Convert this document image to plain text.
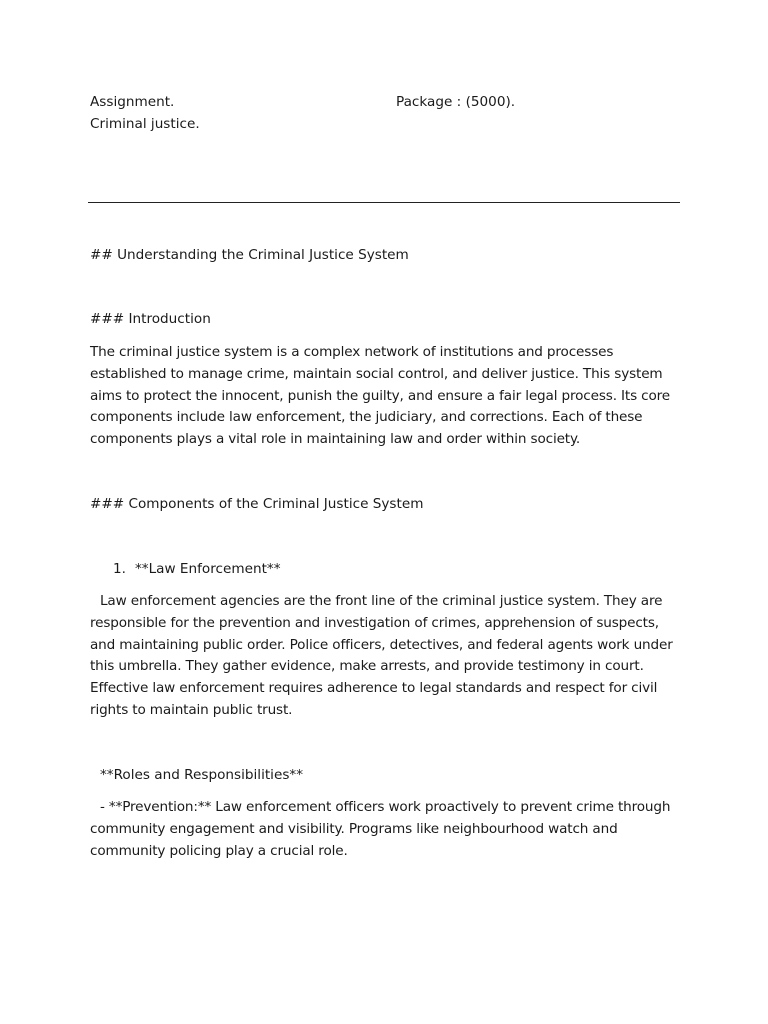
Assignment.	Package : (5000).
Criminal justice.
## Understanding the Criminal Justice System
### Introduction
The criminal justice system is a complex network of institutions and processes established to manage crime, maintain social control, and deliver justice. This system aims to protect the innocent, punish the guilty, and ensure a fair legal process. Its core components include law enforcement, the judiciary, and corrections. Each of these components plays a vital role in maintaining law and order within society.
### Components of the Criminal Justice System
1. **Law Enforcement**
Law enforcement agencies are the front line of the criminal justice system. They are responsible for the prevention and investigation of crimes, apprehension of suspects, and maintaining public order. Police officers, detectives, and federal agents work under this umbrella. They gather evidence, make arrests, and provide testimony in court. Effective law enforcement requires adherence to legal standards and respect for civil rights to maintain public trust.
**Roles and Responsibilities**
- **Prevention:** Law enforcement officers work proactively to prevent crime through community engagement and visibility. Programs like neighbourhood watch and community policing play a crucial role.
